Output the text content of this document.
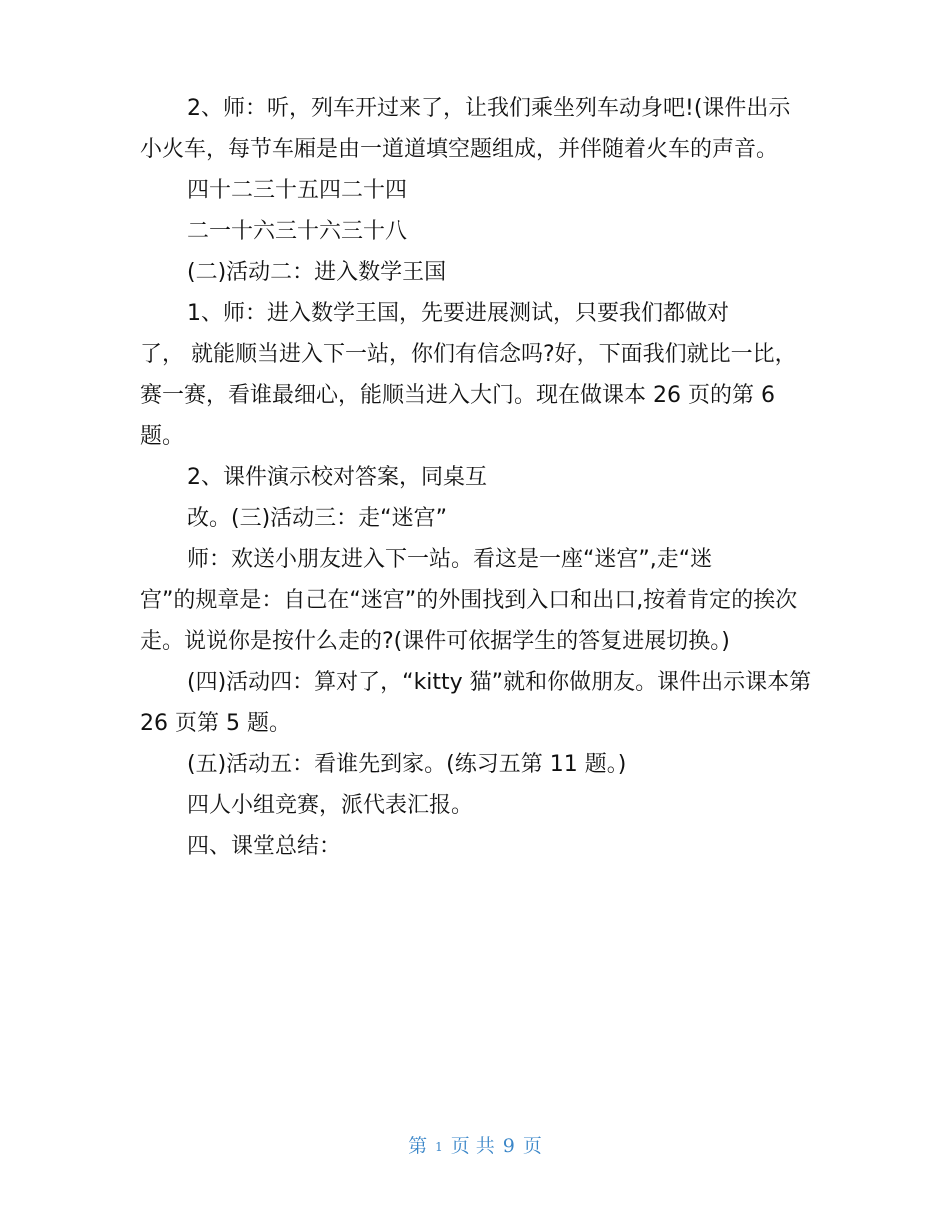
2、师：听，列车开过来了，让我们乘坐列车动身吧!(课件出示小火车，每节车厢是由一道道填空题组成，并伴随着火车的声音。

四十二三十五四二十四

二一十六三十六三十八

(二)活动二：进入数学王国

1、师：进入数学王国，先要进展测试，只要我们都做对

了， 就能顺当进入下一站，你们有信念吗?好，下面我们就比一比，赛一赛，看谁最细心，能顺当进入大门。现在做课本 26 页的第 6 题。

2、课件演示校对答案，同桌互

改。(三)活动三：走“迷宫”

师：欢送小朋友进入下一站。看这是一座“迷宫”,走“迷

宫”的规章是：自己在“迷宫”的外围找到入口和出口,按着肯定的挨次走。说说你是按什么走的?(课件可依据学生的答复进展切换。)

(四)活动四：算对了，“kitty 猫”就和你做朋友。课件出示课本第 26 页第 5 题。

(五)活动五：看谁先到家。(练习五第 11 题。)

四人小组竞赛，派代表汇报。

四、课堂总结：

第 1 页 共 9 页
